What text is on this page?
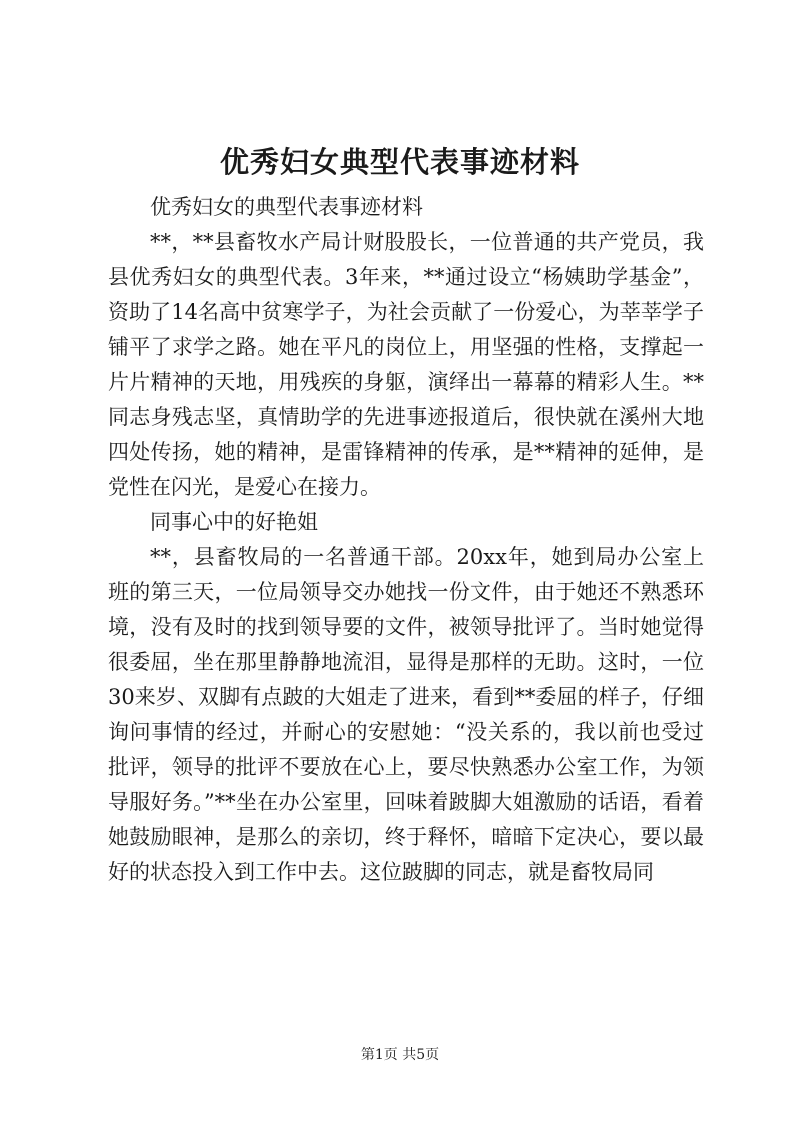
优秀妇女典型代表事迹材料

优秀妇女的典型代表事迹材料

**，**县畜牧水产局计财股股长，一位普通的共产党员，我县优秀妇女的典型代表。3年来，**通过设立“杨姨助学基金”，资助了14名高中贫寒学子，为社会贡献了一份爱心，为莘莘学子铺平了求学之路。她在平凡的岗位上，用坚强的性格，支撑起一片片精神的天地，用残疾的身躯，演绎出一幕幕的精彩人生。**同志身残志坚，真情助学的先进事迹报道后，很快就在溪州大地四处传扬，她的精神，是雷锋精神的传承，是**精神的延伸，是党性在闪光，是爱心在接力。

同事心中的好艳姐

**，县畜牧局的一名普通干部。20xx年，她到局办公室上班的第三天，一位局领导交办她找一份文件，由于她还不熟悉环境，没有及时的找到领导要的文件，被领导批评了。当时她觉得很委屈，坐在那里静静地流泪，显得是那样的无助。这时，一位30来岁、双脚有点跛的大姐走了进来，看到**委屈的样子，仔细询问事情的经过，并耐心的安慰她：“没关系的，我以前也受过批评，领导的批评不要放在心上，要尽快熟悉办公室工作，为领导服好务。”**坐在办公室里，回味着跛脚大姐激励的话语，看着她鼓励眼神，是那么的亲切，终于释怀，暗暗下定决心，要以最好的状态投入到工作中去。这位跛脚的同志，就是畜牧局同

第1页 共5页
